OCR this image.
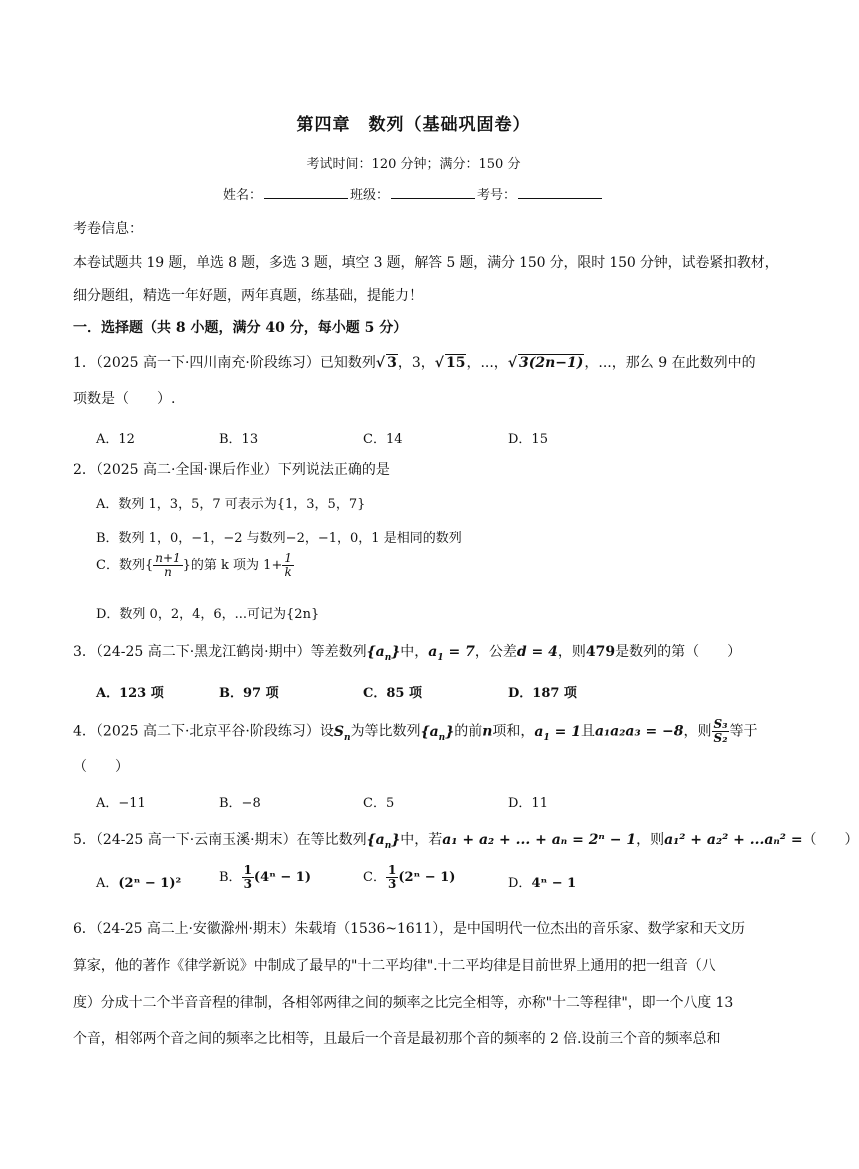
第四章　数列（基础巩固卷）
考试时间：120 分钟；满分：150 分
姓名：	班级：	考号：
考卷信息：
本卷试题共 19 题，单选 8 题，多选 3 题，填空 3 题，解答 5 题，满分 150 分，限时 150 分钟，试卷紧扣教材，
细分题组，精选一年好题，两年真题，练基础，提能力！
一．选择题（共 8 小题，满分 40 分，每小题 5 分）
1．（2025 高一下·四川南充·阶段练习）已知数列√ 3，3，√ 15，...，√ 3(2n−1)，...，那么 9 在此数列中的
项数是（　　）.
A．12	B．13	C．14	D．15
2．（2025 高二·全国·课后作业）下列说法正确的是
A．数列 1，3，5，7 可表示为{1，3，5，7}
B．数列 1，0，−1，−2 与数列−2，−1，0，1 是相同的数列
C．数列{ $\frac{n+1}{n}$ }的第 k 项为 $1+ \frac{1}{k}$
D．数列 0，2，4，6，...可记为{2n}
3．（24-25 高二下·黑龙江鹤岗·期中）等差数列$\{a_n\}$中，$a_1 = 7$，公差d = 4，则479是数列的第（　　）
A．123 项	B．97 项	C．85 项	D．187 项
4．（2025 高二下·北京平谷·阶段练习）设$S_n$为等比数列$\{a_n\}$的前n项和，$a_1 = 1$且a₁a₂a₃ = −8，则 $\frac{\text{S₃}}{\text{S₂}}$ 等于
（　　）
A．−11	B．−8	C．5	D．11
5．（24-25 高一下·云南玉溪·期末）在等比数列$\{a_n\}$中，若a₁ + a₂ + ... + aₙ = 2ⁿ − 1，则a₁² + a₂² + ...aₙ² =（　　）
A．(2ⁿ − 1)²	B． $\frac{1}{3} (4^n - 1)$	C． $\frac{1}{3} (2^n - 1)$	D．4ⁿ − 1
6．（24-25 高二上·安徽滁州·期末）朱载堉（1536~1611），是中国明代一位杰出的音乐家、数学家和天文历
算家，他的著作《律学新说》中制成了最早的"十二平均律".十二平均律是目前世界上通用的把一组音（八
度）分成十二个半音音程的律制，各相邻两律之间的频率之比完全相等，亦称"十二等程律"，即一个八度 13
个音，相邻两个音之间的频率之比相等，且最后一个音是最初那个音的频率的 2 倍.设前三个音的频率总和
